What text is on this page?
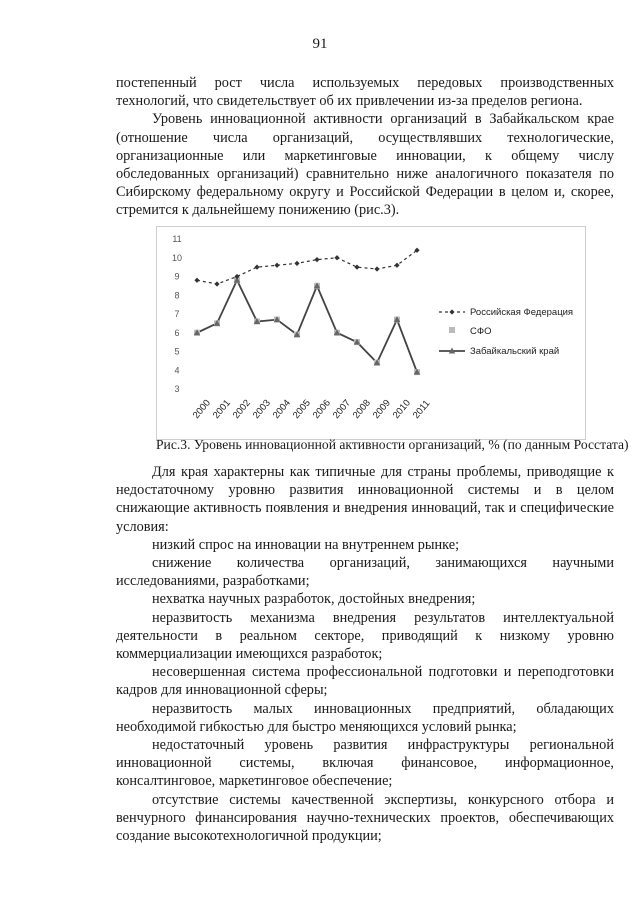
91

постепенный рост числа используемых передовых производственных технологий, что свидетельствует об их привлечении из-за пределов региона.

Уровень инновационной активности организаций в Забайкальском крае (отношение числа организаций, осуществлявших технологические, организационные или маркетинговые инновации, к общему числу обследованных организаций) сравнительно ниже аналогичного показателя по Сибирскому федеральному округу и Российской Федерации в целом и, скорее, стремится к дальнейшему понижению (рис.3).

3
4
5
6
7
8
9
10
11
2000
2001
2002
2003
2004
2005
2006
2007
2008
2009
2010
2011
Российская Федерация
СФО
Забайкальский край
Рис.3. Уровень инновационной активности организаций, % (по данным Росстата)

Для края характерны как типичные для страны проблемы, приводящие к недостаточному уровню развития инновационной системы и в целом снижающие активность появления и внедрения инноваций, так и специфические условия:

низкий спрос на инновации на внутреннем рынке;
снижение количества организаций, занимающихся научными исследованиями, разработками;
нехватка научных разработок, достойных внедрения;
неразвитость механизма внедрения результатов интеллектуальной деятельности в реальном секторе, приводящий к низкому уровню коммерциализации имеющихся разработок;
несовершенная система профессиональной подготовки и переподготовки кадров для инновационной сферы;
неразвитость малых инновационных предприятий, обладающих необходимой гибкостью для быстро меняющихся условий рынка;
недостаточный уровень развития инфраструктуры региональной инновационной системы, включая финансовое, информационное, консалтинговое, маркетинговое обеспечение;
отсутствие системы качественной экспертизы, конкурсного отбора и венчурного финансирования научно-технических проектов, обеспечивающих создание высокотехнологичной продукции;
